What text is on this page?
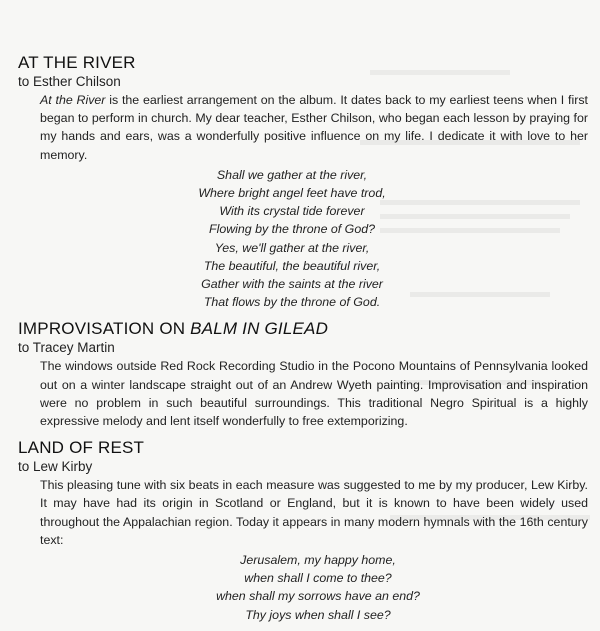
AT THE RIVER

to Esther Chilson

At the River is the earliest arrangement on the album. It dates back to my earliest teens when I first began to perform in church. My dear teacher, Esther Chilson, who began each lesson by praying for my hands and ears, was a wonderfully positive influence on my life. I dedicate it with love to her memory.

Shall we gather at the river,
Where bright angel feet have trod,
With its crystal tide forever
Flowing by the throne of God?
Yes, we'll gather at the river,
The beautiful, the beautiful river,
Gather with the saints at the river
That flows by the throne of God.
IMPROVISATION ON BALM IN GILEAD

to Tracey Martin

The windows outside Red Rock Recording Studio in the Pocono Mountains of Pennsylvania looked out on a winter landscape straight out of an Andrew Wyeth painting. Improvisation and inspiration were no problem in such beautiful surroundings. This traditional Negro Spiritual is a highly expressive melody and lent itself wonderfully to free extemporizing.

LAND OF REST

to Lew Kirby

This pleasing tune with six beats in each measure was suggested to me by my producer, Lew Kirby. It may have had its origin in Scotland or England, but it is known to have been widely used throughout the Appalachian region. Today it appears in many modern hymnals with the 16th century text:

Jerusalem, my happy home,
when shall I come to thee?
when shall my sorrows have an end?
Thy joys when shall I see?
